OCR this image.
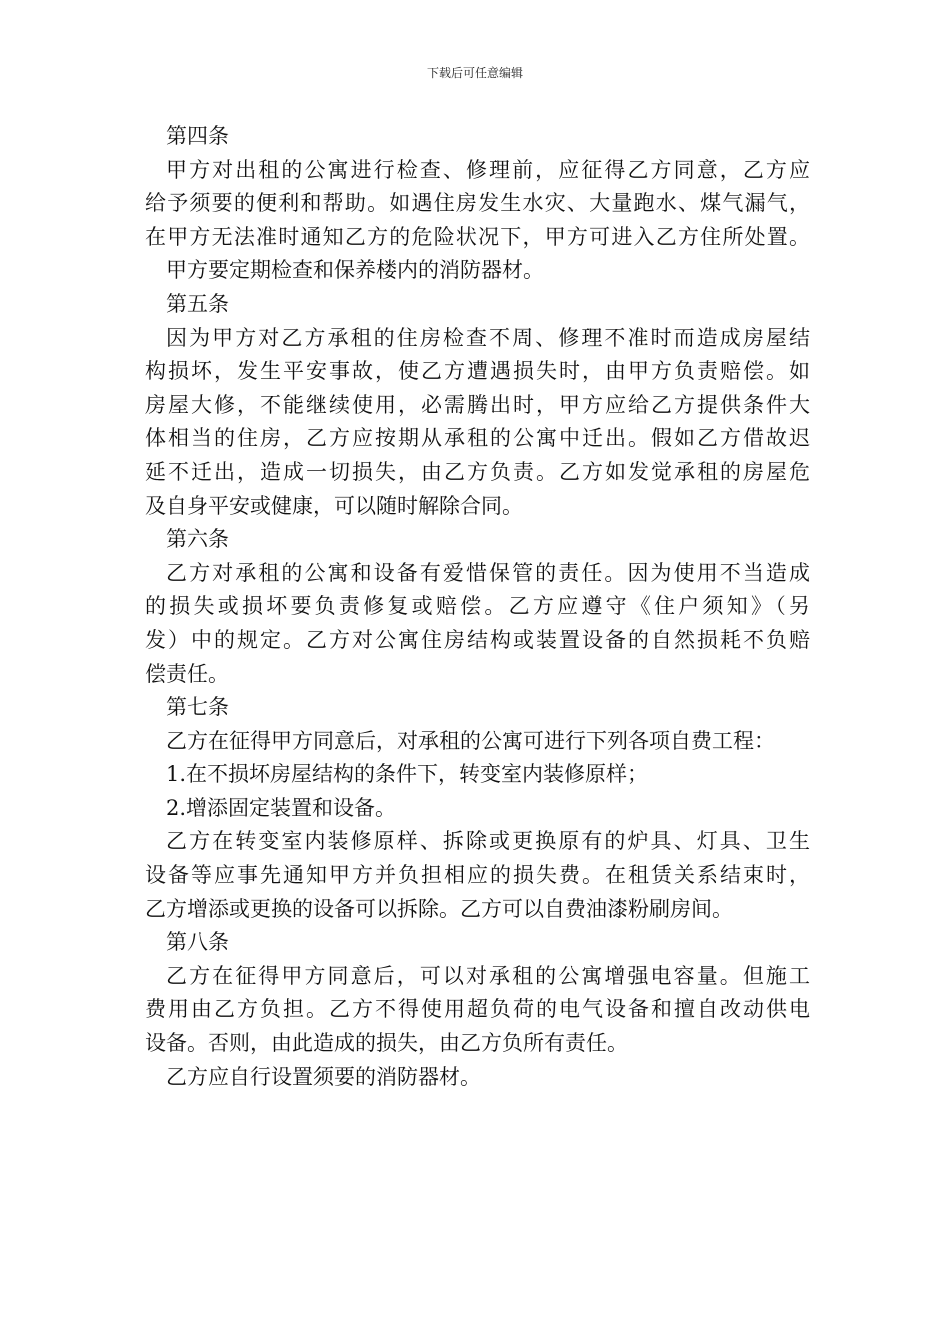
下载后可任意编辑

第四条

甲方对出租的公寓进行检查、修理前，应征得乙方同意，乙方应

给予须要的便利和帮助。如遇住房发生水灾、大量跑水、煤气漏气，

在甲方无法准时通知乙方的危险状况下，甲方可进入乙方住所处置。

甲方要定期检查和保养楼内的消防器材。

第五条

因为甲方对乙方承租的住房检查不周、修理不准时而造成房屋结

构损坏，发生平安事故，使乙方遭遇损失时，由甲方负责赔偿。如

房屋大修，不能继续使用，必需腾出时，甲方应给乙方提供条件大

体相当的住房，乙方应按期从承租的公寓中迁出。假如乙方借故迟

延不迁出，造成一切损失，由乙方负责。乙方如发觉承租的房屋危

及自身平安或健康，可以随时解除合同。

第六条

乙方对承租的公寓和设备有爱惜保管的责任。因为使用不当造成

的损失或损坏要负责修复或赔偿。乙方应遵守《住户须知》（另

发）中的规定。乙方对公寓住房结构或装置设备的自然损耗不负赔

偿责任。

第七条

乙方在征得甲方同意后，对承租的公寓可进行下列各项自费工程：

1.在不损坏房屋结构的条件下，转变室内装修原样；

2.增添固定装置和设备。

乙方在转变室内装修原样、拆除或更换原有的炉具、灯具、卫生

设备等应事先通知甲方并负担相应的损失费。在租赁关系结束时，

乙方增添或更换的设备可以拆除。乙方可以自费油漆粉刷房间。

第八条

乙方在征得甲方同意后，可以对承租的公寓增强电容量。但施工

费用由乙方负担。乙方不得使用超负荷的电气设备和擅自改动供电

设备。否则，由此造成的损失，由乙方负所有责任。

乙方应自行设置须要的消防器材。
